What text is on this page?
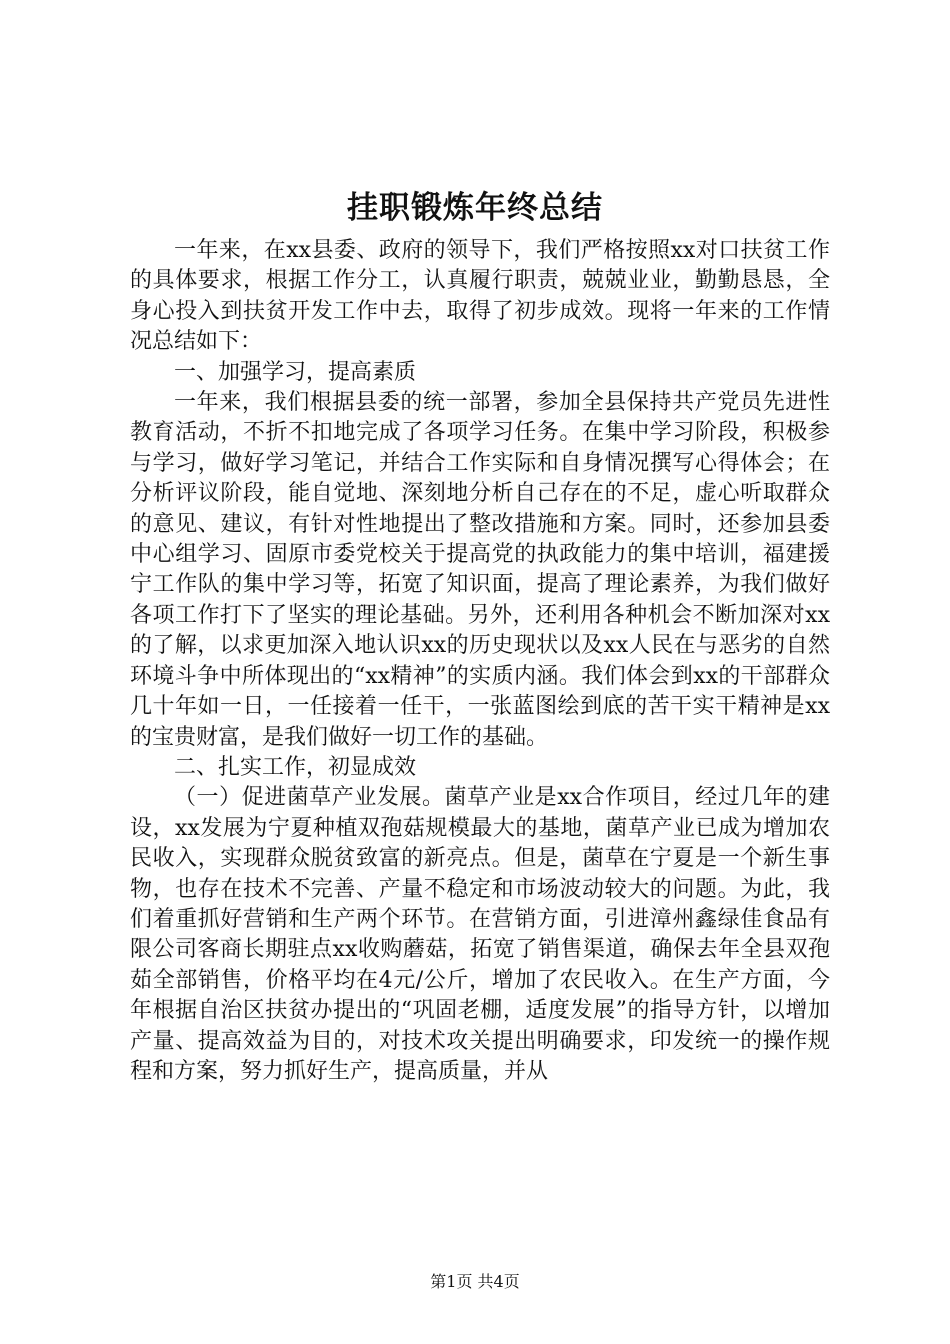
挂职锻炼年终总结

一年来，在xx县委、政府的领导下，我们严格按照xx对口扶贫工作的具体要求，根据工作分工，认真履行职责，兢兢业业，勤勤恳恳，全身心投入到扶贫开发工作中去，取得了初步成效。现将一年来的工作情况总结如下：

一、加强学习，提高素质

一年来，我们根据县委的统一部署，参加全县保持共产党员先进性教育活动，不折不扣地完成了各项学习任务。在集中学习阶段，积极参与学习，做好学习笔记，并结合工作实际和自身情况撰写心得体会；在分析评议阶段，能自觉地、深刻地分析自己存在的不足，虚心听取群众的意见、建议，有针对性地提出了整改措施和方案。同时，还参加县委中心组学习、固原市委党校关于提高党的执政能力的集中培训，福建援宁工作队的集中学习等，拓宽了知识面，提高了理论素养，为我们做好各项工作打下了坚实的理论基础。另外，还利用各种机会不断加深对xx的了解，以求更加深入地认识xx的历史现状以及xx人民在与恶劣的自然环境斗争中所体现出的“xx精神”的实质内涵。我们体会到xx的干部群众几十年如一日，一任接着一任干，一张蓝图绘到底的苦干实干精神是xx的宝贵财富，是我们做好一切工作的基础。

二、扎实工作，初显成效

（一）促进菌草产业发展。菌草产业是xx合作项目，经过几年的建设，xx发展为宁夏种植双孢菇规模最大的基地，菌草产业已成为增加农民收入，实现群众脱贫致富的新亮点。但是，菌草在宁夏是一个新生事物，也存在技术不完善、产量不稳定和市场波动较大的问题。为此，我们着重抓好营销和生产两个环节。在营销方面，引进漳州鑫绿佳食品有限公司客商长期驻点xx收购蘑菇，拓宽了销售渠道，确保去年全县双孢茹全部销售，价格平均在4元/公斤，增加了农民收入。在生产方面，今年根据自治区扶贫办提出的“巩固老棚，适度发展”的指导方针，以增加产量、提高效益为目的，对技术攻关提出明确要求，印发统一的操作规程和方案，努力抓好生产，提高质量，并从

第1页 共4页
